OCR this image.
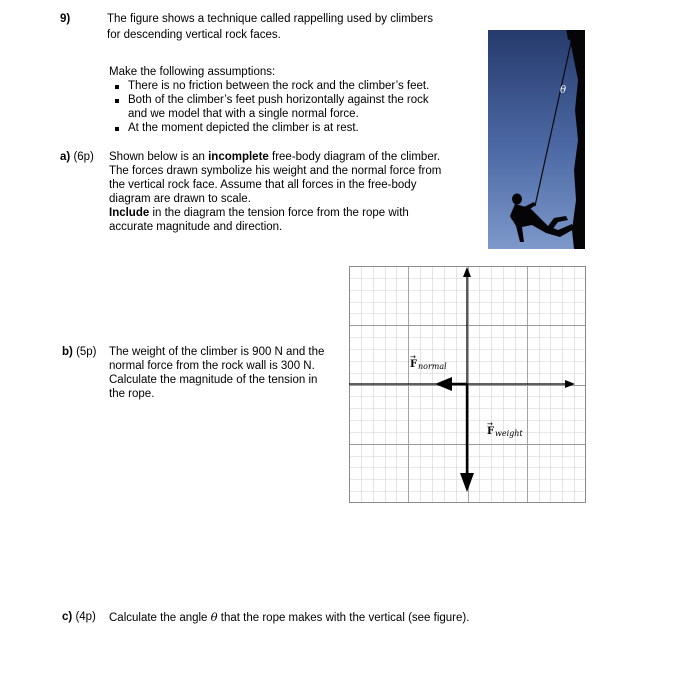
9)	The figure shows a technique called rappelling used by climbers
for descending vertical rock faces.
Make the following assumptions:
There is no friction between the rock and the climber’s feet.
Both of the climber’s feet push horizontally against the rock
and we model that with a single normal force.
At the moment depicted the climber is at rest.
a) (6p) Shown below is an incomplete free-body diagram of the climber.
The forces drawn symbolize his weight and the normal force from
the vertical rock face. Assume that all forces in the free-body
diagram are drawn to scale.
Include in the diagram the tension force from the rope with
accurate magnitude and direction.
θ
F
→
normal
F
→
weight
b) (5p) The weight of the climber is 900 N and the
normal force from the rock wall is 300 N.
Calculate the magnitude of the tension in
the rope.
c) (4p) Calculate the angle θ that the rope makes with the vertical (see figure).
